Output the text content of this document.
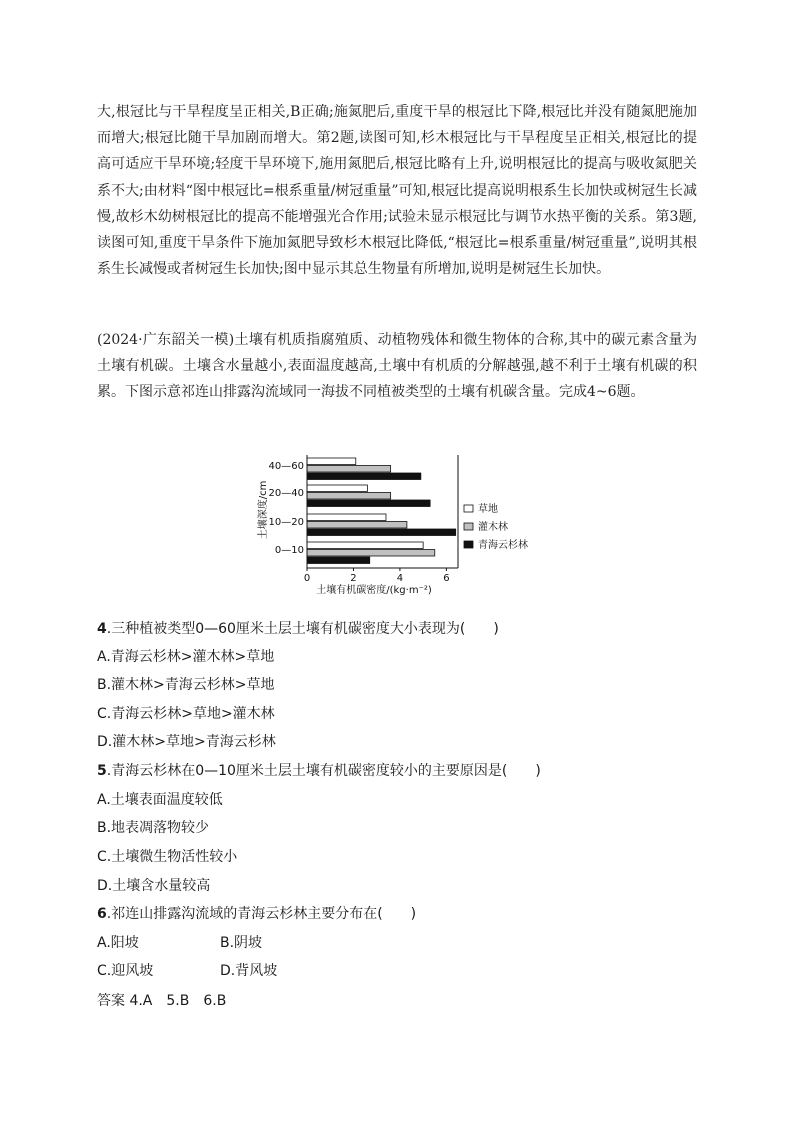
大,根冠比与干旱程度呈正相关,B正确;施氮肥后,重度干旱的根冠比下降,根冠比并没有随氮肥施加而增大;根冠比随干旱加剧而增大。第2题,读图可知,杉木根冠比与干旱程度呈正相关,根冠比的提高可适应干旱环境;轻度干旱环境下,施用氮肥后,根冠比略有上升,说明根冠比的提高与吸收氮肥关系不大;由材料“图中根冠比=根系重量/树冠重量”可知,根冠比提高说明根系生长加快或树冠生长减慢,故杉木幼树根冠比的提高不能增强光合作用;试验未显示根冠比与调节水热平衡的关系。第3题,读图可知,重度干旱条件下施加氮肥导致杉木根冠比降低,“根冠比=根系重量/树冠重量”,说明其根系生长减慢或者树冠生长加快;图中显示其总生物量有所增加,说明是树冠生长加快。
(2024·广东韶关一模)土壤有机质指腐殖质、动植物残体和微生物体的合称,其中的碳元素含量为土壤有机碳。土壤含水量越小,表面温度越高,土壤中有机质的分解越强,越不利于土壤有机碳的积累。下图示意祁连山排露沟流域同一海拔不同植被类型的土壤有机碳含量。完成4~6题。
0	2	4	6
40—60
20—40
10—20
0—10
土壤深度/cm
土壤有机碳密度/(kg·m⁻²)
草地
灌木林
青海云杉林
4.三种植被类型0—60厘米土层土壤有机碳密度大小表现为(　　)
A.青海云杉林>灌木林>草地
B.灌木林>青海云杉林>草地
C.青海云杉林>草地>灌木林
D.灌木林>草地>青海云杉林
5.青海云杉林在0—10厘米土层土壤有机碳密度较小的主要原因是(　　)
A.土壤表面温度较低
B.地表凋落物较少
C.土壤微生物活性较小
D.土壤含水量较高
6.祁连山排露沟流域的青海云杉林主要分布在(　　)
A.阳坡	B.阴坡
C.迎风坡	D.背风坡
答案 4.A　5.B　6.B
